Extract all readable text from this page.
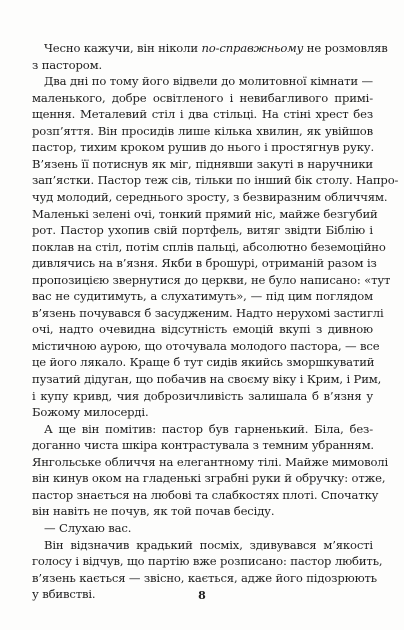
Чесно кажучи, він ніколи по-справжньому не розмовляв
з пастором.
Два дні по тому його відвели до молитовної кімнати —
маленького, добре освітленого і невибагливого примі-
щення. Металевий стіл і два стільці. На стіні хрест без
розп’яття. Він просидів лише кілька хвилин, як увійшов
пастор, тихим кроком рушив до нього і простягнув руку.
В’язень її потиснув як міг, піднявши закуті в наручники
зап’ястки. Пастор теж сів, тільки по інший бік столу. Напро-
чуд молодий, середнього зросту, з безвиразним обличчям.
Маленькі зелені очі, тонкий прямий ніс, майже безгубий
рот. Пастор ухопив свій портфель, витяг звідти Біблію і
поклав на стіл, потім сплів пальці, абсолютно беземоційно
дивлячись на в’язня. Якби в брошурі, отриманій разом із
пропозицією звернутися до церкви, не було написано: «тут
вас не судитимуть, а слухатимуть», — під цим поглядом
в’язень почувався б засудженим. Надто нерухомі застиглі
очі, надто очевидна відсутність емоцій вкупі з дивною
містичною аурою, що оточувала молодого пастора, — все
це його лякало. Краще б тут сидів якийсь зморшкуватий
пузатий дідуган, що побачив на своєму віку і Крим, і Рим,
і купу кривд, чия доброзичливість залишала б в’язня у
Божому милосерді.
А ще він помітив: пастор був гарненький. Біла, без-
доганно чиста шкіра контрастувала з темним убранням.
Янгольське обличчя на елегантному тілі. Майже мимоволі
він кинув оком на гладенькі зграбні руки й обручку: отже,
пастор знається на любові та слабкостях плоті. Спочатку
він навіть не почув, як той почав бесіду.
— Слухаю вас.
Він відзначив крадький посміх, здивувався м’якості
голосу і відчув, що партію вже розписано: пастор любить,
в’язень кається — звісно, кається, адже його підозрюють
у вбивстві.	8
